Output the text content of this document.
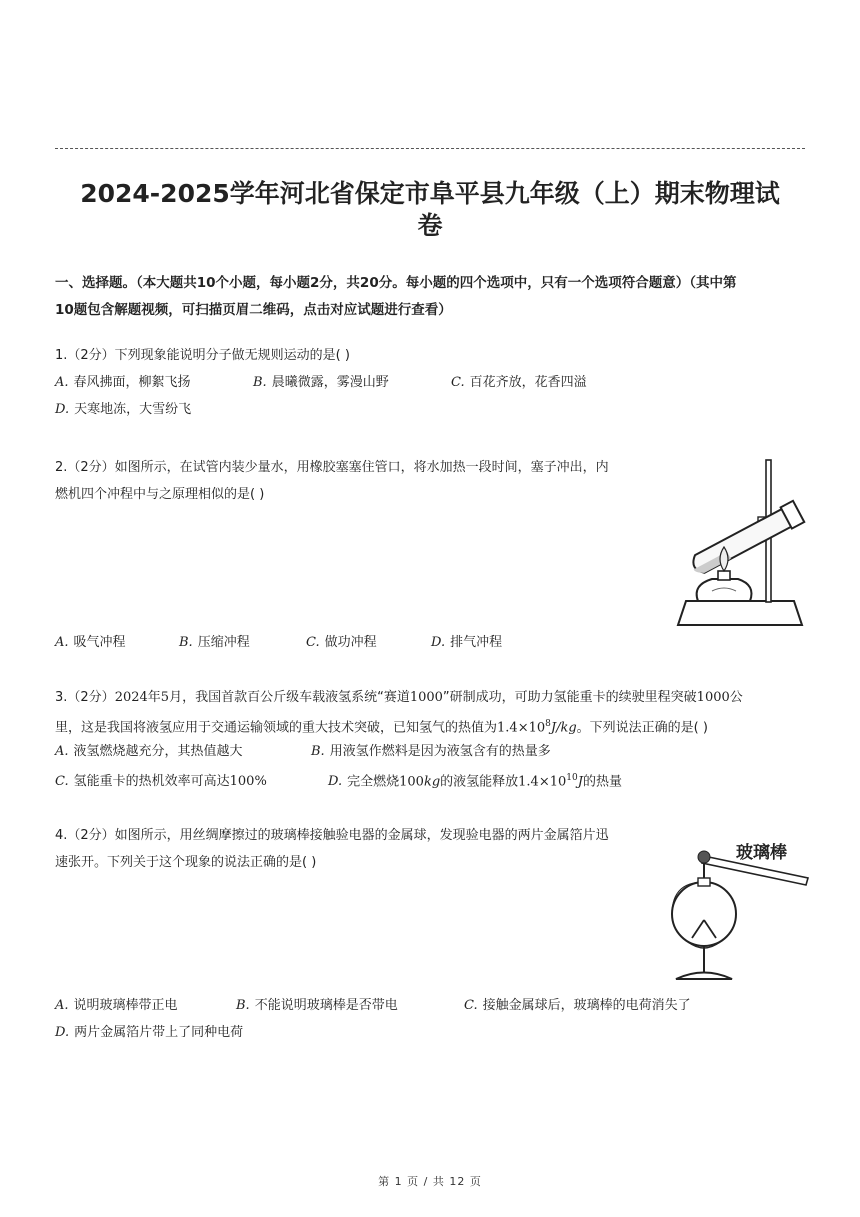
2024-2025学年河北省保定市阜平县九年级（上）期末物理试
卷
一、选择题。（本大题共10个小题，每小题2分，共20分。每小题的四个选项中，只有一个选项符合题意）（其中第
10题包含解题视频，可扫描页眉二维码，点击对应试题进行查看）
1.（2分）下列现象能说明分子做无规则运动的是( )
A. 春风拂面，柳絮飞扬	B. 晨曦微露，雾漫山野	C. 百花齐放，花香四溢
D. 天寒地冻，大雪纷飞
2.（2分）如图所示，在试管内装少量水，用橡胶塞塞住管口，将水加热一段时间，塞子冲出，内
燃机四个冲程中与之原理相似的是( )
A. 吸气冲程	B. 压缩冲程	C. 做功冲程	D. 排气冲程
3.（2分）2024年5月，我国首款百公斤级车载液氢系统“赛道1000”研制成功，可助力氢能重卡的续驶里程突破1000公
里，这是我国将液氢应用于交通运输领域的重大技术突破，已知氢气的热值为$1.4\times 10^8J/kg$。下列说法正确的是( )
A. 液氢燃烧越充分，其热值越大	B. 用液氢作燃料是因为液氢含有的热量多
C. 氢能重卡的热机效率可高达100%	D. 完全燃烧100kg的液氢能释放$1.4\times 10^{10}J$的热量
4.（2分）如图所示，用丝绸摩擦过的玻璃棒接触验电器的金属球，发现验电器的两片金属箔片迅
速张开。下列关于这个现象的说法正确的是( )	玻璃棒
A. 说明玻璃棒带正电	B. 不能说明玻璃棒是否带电	C. 接触金属球后，玻璃棒的电荷消失了
D. 两片金属箔片带上了同种电荷
第 1 页 / 共 12 页
